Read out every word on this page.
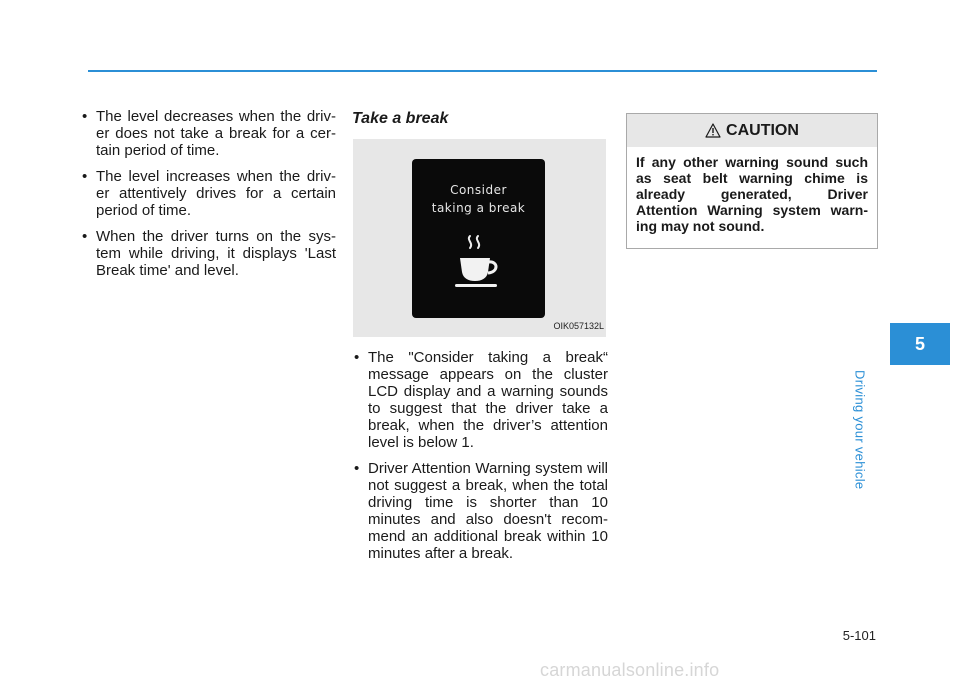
• The level decreases when the driv-er does not take a break for a cer-tain period of time.
• The level increases when the driv-er attentively drives for a certain period of time.
• When the driver turns on the sys-tem while driving, it displays 'Last Break time' and level.
Take a break
Consider
taking a break
OIK057132L
• The "Consider taking a break“ message appears on the cluster LCD display and a warning sounds to suggest that the driver take a break, when the driver’s attention level is below 1.
• Driver Attention Warning system will not suggest a break, when the total driving time is shorter than 10 minutes and also doesn't recom-mend an additional break within 10 minutes after a break.
CAUTION
If any other warning sound such as seat belt warning chime is already generated, Driver Attention Warning system warn-ing may not sound.
5
Driving your vehicle
5-101
carmanualsonline.info
